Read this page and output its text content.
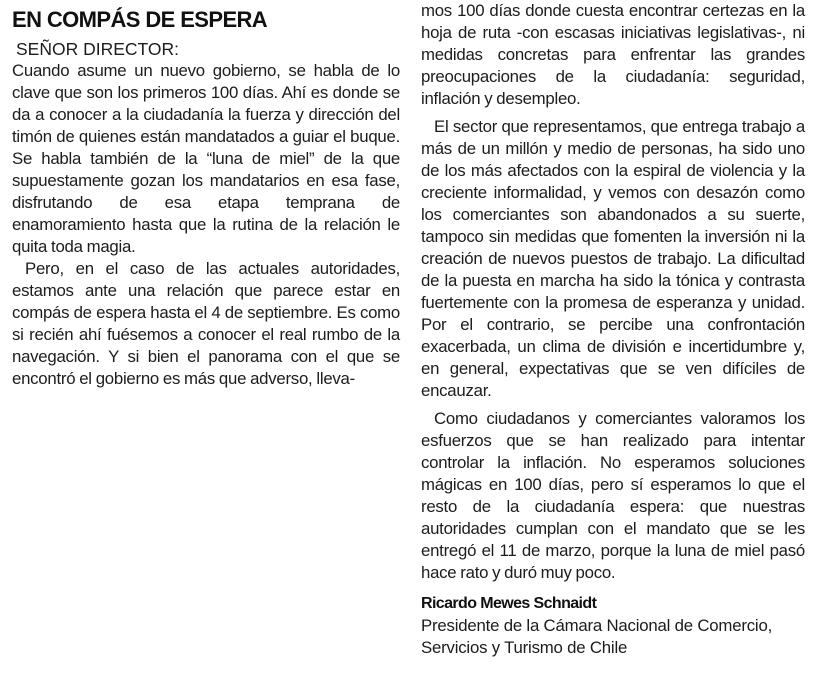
EN COMPÁS DE ESPERA
SEÑOR DIRECTOR:

Cuando asume un nuevo gobierno, se habla de lo clave que son los primeros 100 días. Ahí es donde se da a conocer a la ciudadanía la fuerza y dirección del timón de quienes están mandatados a guiar el buque. Se habla también de la “luna de miel” de la que supuestamente gozan los mandatarios en esa fase, disfrutando de esa etapa temprana de enamoramiento hasta que la rutina de la relación le quita toda magia.

Pero, en el caso de las actuales autoridades, estamos ante una relación que parece estar en compás de espera hasta el 4 de septiembre. Es como si recién ahí fuésemos a conocer el real rumbo de la navegación. Y si bien el panorama con el que se encontró el gobierno es más que adverso, lleva-

mos 100 días donde cuesta encontrar certezas en la hoja de ruta -con escasas iniciativas legislativas-, ni medidas concretas para enfrentar las grandes preocupaciones de la ciudadanía: seguridad, inflación y desempleo.

El sector que representamos, que entrega trabajo a más de un millón y medio de personas, ha sido uno de los más afectados con la espiral de violencia y la creciente informalidad, y vemos con desazón como los comerciantes son abandonados a su suerte, tampoco sin medidas que fomenten la inversión ni la creación de nuevos puestos de trabajo. La dificultad de la puesta en marcha ha sido la tónica y contrasta fuertemente con la promesa de esperanza y unidad. Por el contrario, se percibe una confrontación exacerbada, un clima de división e incertidumbre y, en general, expectativas que se ven difíciles de encauzar.

Como ciudadanos y comerciantes valoramos los esfuerzos que se han realizado para intentar controlar la inflación. No esperamos soluciones mágicas en 100 días, pero sí esperamos lo que el resto de la ciudadanía espera: que nuestras autoridades cumplan con el mandato que se les entregó el 11 de marzo, porque la luna de miel pasó hace rato y duró muy poco.

Ricardo Mewes Schnaidt
Presidente de la Cámara Nacional de Comercio,
Servicios y Turismo de Chile
